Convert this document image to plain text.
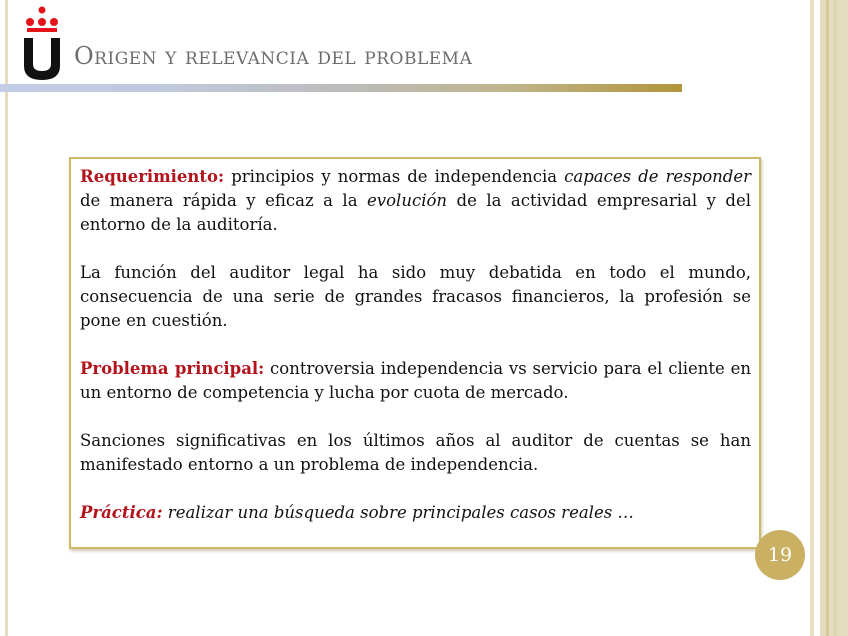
Origen y relevancia del problema

Requerimiento: principios y normas de independencia capaces de responder de manera rápida y eficaz a la evolución de la actividad empresarial y del entorno de la auditoría.

La función del auditor legal ha sido muy debatida en todo el mundo, consecuencia de una serie de grandes fracasos financieros, la profesión se pone en cuestión.

Problema principal: controversia independencia vs servicio para el cliente en un entorno de competencia y lucha por cuota de mercado.

Sanciones significativas en los últimos años al auditor de cuentas se han manifestado entorno a un problema de independencia.

Práctica: realizar una búsqueda sobre principales casos reales …

19
